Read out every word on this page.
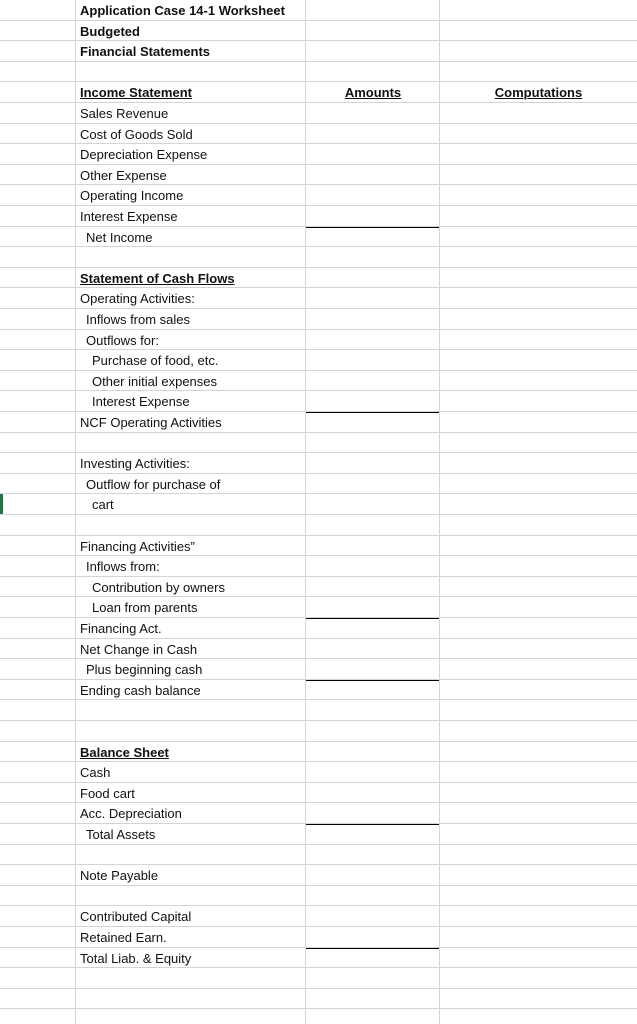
Application Case 14-1 Worksheet
Budgeted
Financial Statements
Income Statement	Amounts	Computations
Sales Revenue
Cost of Goods Sold
Depreciation Expense
Other Expense
Operating Income
Interest Expense
Net Income
Statement of Cash Flows
Operating Activities:
Inflows from sales
Outflows for:
Purchase of food, etc.
Other initial expenses
Interest Expense
NCF Operating Activities
Investing Activities:
Outflow for purchase of
cart
Financing Activities”
Inflows from:
Contribution by owners
Loan from parents
Financing Act.
Net Change in Cash
Plus beginning cash
Ending cash balance
Balance Sheet
Cash
Food cart
Acc. Depreciation
Total Assets
Note Payable
Contributed Capital
Retained Earn.
Total Liab. & Equity
